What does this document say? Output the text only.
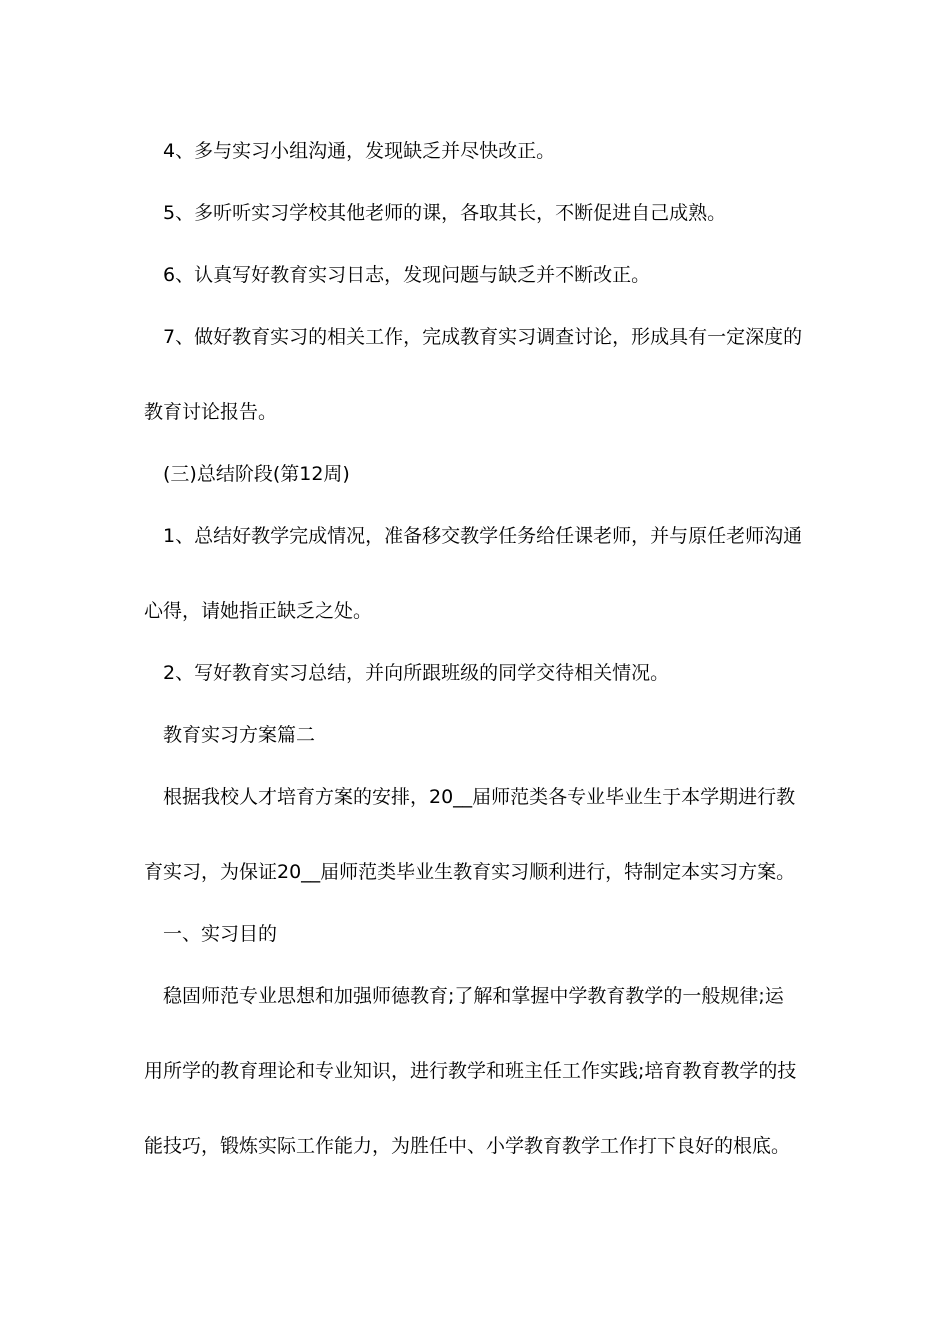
4、多与实习小组沟通，发现缺乏并尽快改正。
5、多听听实习学校其他老师的课，各取其长，不断促进自己成熟。
6、认真写好教育实习日志，发现问题与缺乏并不断改正。
7、做好教育实习的相关工作，完成教育实习调查讨论，形成具有一定深度的
教育讨论报告。
(三)总结阶段(第12周)
1、总结好教学完成情况，准备移交教学任务给任课老师，并与原任老师沟通
心得，请她指正缺乏之处。
2、写好教育实习总结，并向所跟班级的同学交待相关情况。
教育实习方案篇二
根据我校人才培育方案的安排，20__届师范类各专业毕业生于本学期进行教
育实习，为保证20__届师范类毕业生教育实习顺利进行，特制定本实习方案。
一、实习目的
稳固师范专业思想和加强师德教育;了解和掌握中学教育教学的一般规律;运
用所学的教育理论和专业知识，进行教学和班主任工作实践;培育教育教学的技
能技巧，锻炼实际工作能力，为胜任中、小学教育教学工作打下良好的根底。
